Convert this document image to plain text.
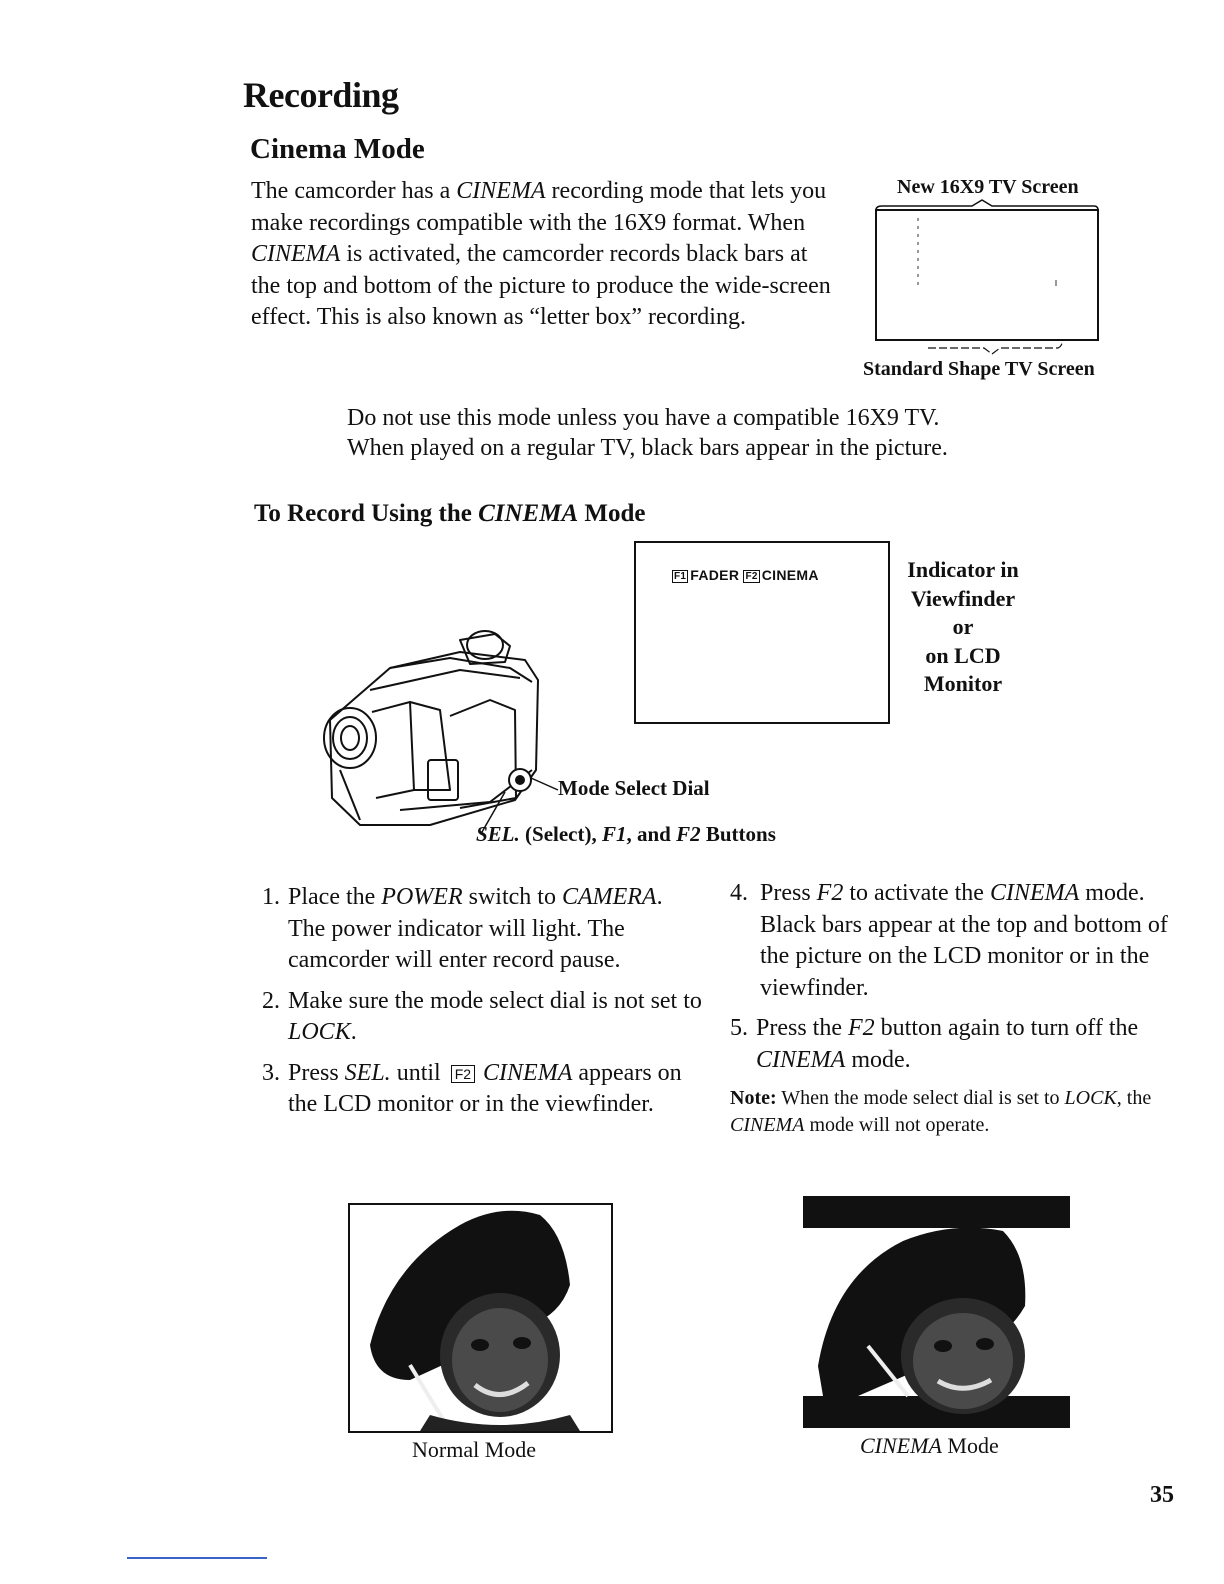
Recording
Cinema Mode
The camcorder has a CINEMA recording mode that lets you make recordings compatible with the 16X9 format. When CINEMA is activated, the camcorder records black bars at the top and bottom of the picture to produce the wide-screen effect. This is also known as “letter box” recording.
New 16X9 TV Screen
Standard Shape TV Screen
Do not use this mode unless you have a compatible 16X9 TV.
When played on a regular TV, black bars appear in the picture.
To Record Using the CINEMA Mode
F1 FADER F2 CINEMA	Indicator in
Viewfinder
or
on LCD
Monitor
Mode Select Dial
SEL. (Select), F1, and F2 Buttons
1. Place the POWER switch to CAMERA. The power indicator will light. The camcorder will enter record pause.
2. Make sure the mode select dial is not set to LOCK.
3. Press SEL. until F2 CINEMA appears on the LCD monitor or in the viewfinder.
4. Press F2 to activate the CINEMA mode. Black bars appear at the top and bottom of the picture on the LCD monitor or in the viewfinder.
5. Press the F2 button again to turn off the CINEMA mode.
Note: When the mode select dial is set to LOCK, the CINEMA mode will not operate.
Normal Mode	CINEMA Mode
35
